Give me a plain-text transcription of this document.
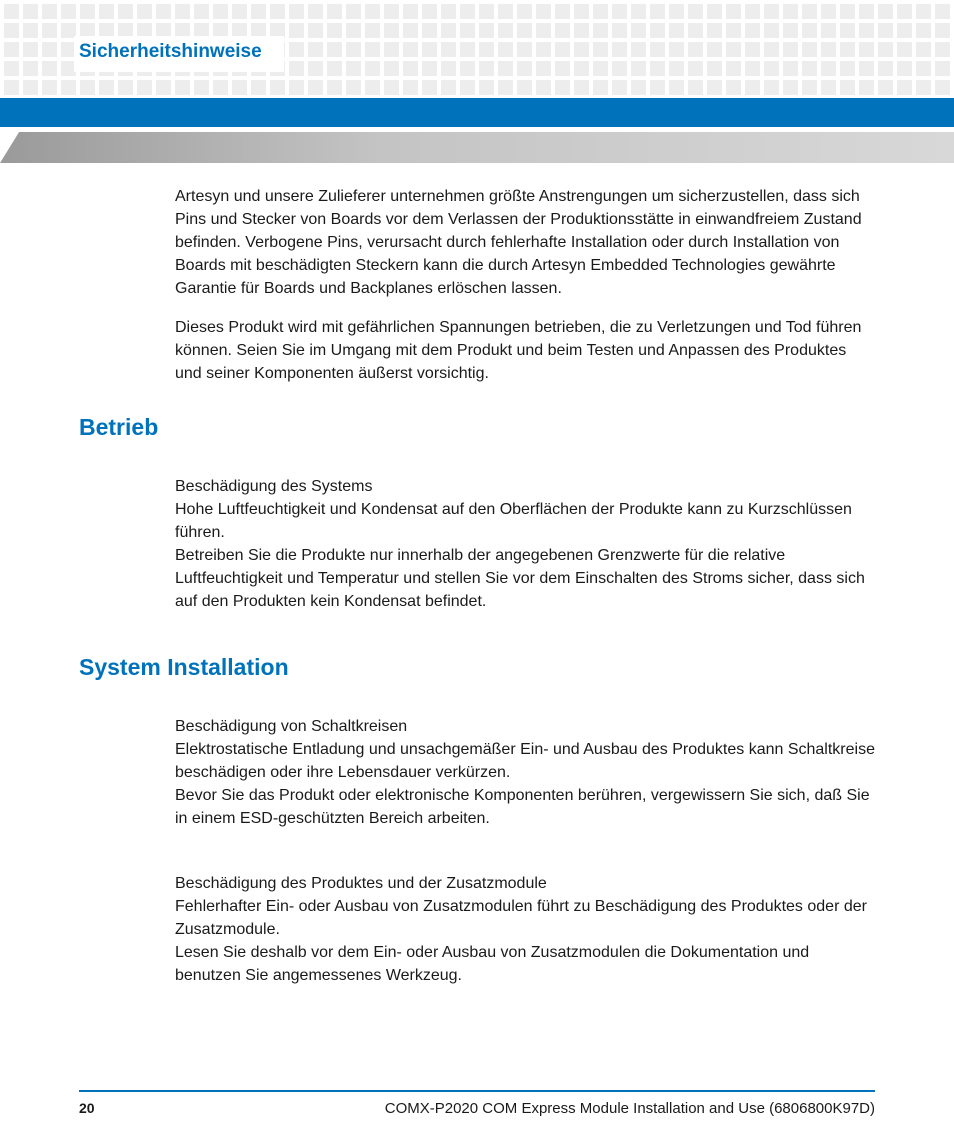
Sicherheitshinweise

Artesyn und unsere Zulieferer unternehmen größte Anstrengungen um sicherzustellen, dass sich Pins und Stecker von Boards vor dem Verlassen der Produktionsstätte in einwandfreiem Zustand befinden. Verbogene Pins, verursacht durch fehlerhafte Installation oder durch Installation von Boards mit beschädigten Steckern kann die durch Artesyn Embedded Technologies gewährte Garantie für Boards und Backplanes erlöschen lassen.

Dieses Produkt wird mit gefährlichen Spannungen betrieben, die zu Verletzungen und Tod führen können. Seien Sie im Umgang mit dem Produkt und beim Testen und Anpassen des Produktes und seiner Komponenten äußerst vorsichtig.

Betrieb
Beschädigung des Systems
Hohe Luftfeuchtigkeit und Kondensat auf den Oberflächen der Produkte kann zu Kurzschlüssen führen.
Betreiben Sie die Produkte nur innerhalb der angegebenen Grenzwerte für die relative Luftfeuchtigkeit und Temperatur und stellen Sie vor dem Einschalten des Stroms sicher, dass sich auf den Produkten kein Kondensat befindet.
System Installation
Beschädigung von Schaltkreisen
Elektrostatische Entladung und unsachgemäßer Ein- und Ausbau des Produktes kann Schaltkreise beschädigen oder ihre Lebensdauer verkürzen.
Bevor Sie das Produkt oder elektronische Komponenten berühren, vergewissern Sie sich, daß Sie in einem ESD-geschützten Bereich arbeiten.
Beschädigung des Produktes und der Zusatzmodule
Fehlerhafter Ein- oder Ausbau von Zusatzmodulen führt zu Beschädigung des Produktes oder der Zusatzmodule.
Lesen Sie deshalb vor dem Ein- oder Ausbau von Zusatzmodulen die Dokumentation und benutzen Sie angemessenes Werkzeug.
20	COMX-P2020 COM Express Module Installation and Use (6806800K97D)
